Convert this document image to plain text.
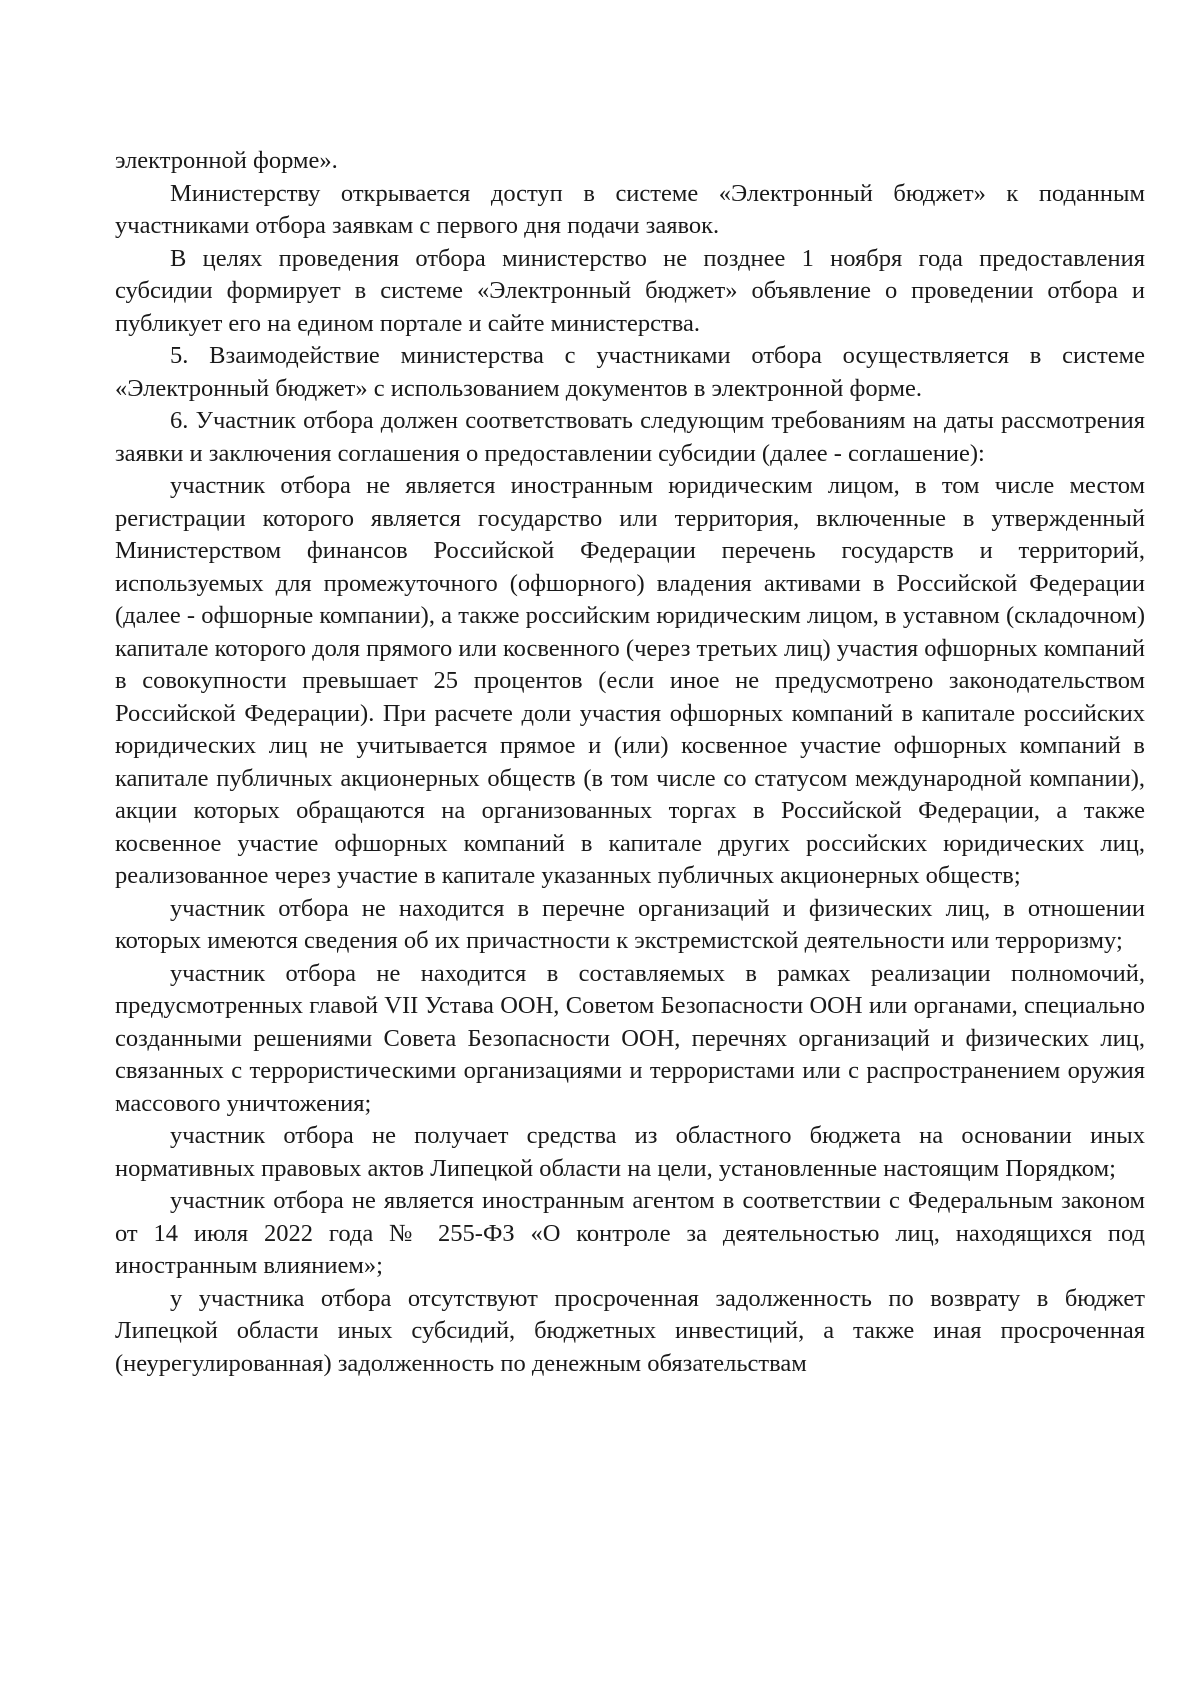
электронной форме».

Министерству открывается доступ в системе «Электронный бюджет» к поданным участниками отбора заявкам с первого дня подачи заявок.

В целях проведения отбора министерство не позднее 1 ноября года предоставления субсидии формирует в системе «Электронный бюджет» объявление о проведении отбора и публикует его на едином портале и сайте министерства.

5. Взаимодействие министерства с участниками отбора осуществляется в системе «Электронный бюджет» с использованием документов в электронной форме.

6. Участник отбора должен соответствовать следующим требованиям на даты рассмотрения заявки и заключения соглашения о предоставлении субсидии (далее - соглашение):

участник отбора не является иностранным юридическим лицом, в том числе местом регистрации которого является государство или территория, включенные в утвержденный Министерством финансов Российской Федерации перечень государств и территорий, используемых для промежуточного (офшорного) владения активами в Российской Федерации (далее - офшорные компании), а также российским юридическим лицом, в уставном (складочном) капитале которого доля прямого или косвенного (через третьих лиц) участия офшорных компаний в совокупности превышает 25 процентов (если иное не предусмотрено законодательством Российской Федерации). При расчете доли участия офшорных компаний в капитале российских юридических лиц не учитывается прямое и (или) косвенное участие офшорных компаний в капитале публичных акционерных обществ (в том числе со статусом международной компании), акции которых обращаются на организованных торгах в Российской Федерации, а также косвенное участие офшорных компаний в капитале других российских юридических лиц, реализованное через участие в капитале указанных публичных акционерных обществ;

участник отбора не находится в перечне организаций и физических лиц, в отношении которых имеются сведения об их причастности к экстремистской деятельности или терроризму;

участник отбора не находится в составляемых в рамках реализации полномочий, предусмотренных главой VII Устава ООН, Советом Безопасности ООН или органами, специально созданными решениями Совета Безопасности ООН, перечнях организаций и физических лиц, связанных с террористическими организациями и террористами или с распространением оружия массового уничтожения;

участник отбора не получает средства из областного бюджета на основании иных нормативных правовых актов Липецкой области на цели, установленные настоящим Порядком;

участник отбора не является иностранным агентом в соответствии с Федеральным законом от 14 июля 2022 года № 255-ФЗ «О контроле за деятельностью лиц, находящихся под иностранным влиянием»;

у участника отбора отсутствуют просроченная задолженность по возврату в бюджет Липецкой области иных субсидий, бюджетных инвестиций, а также иная просроченная (неурегулированная) задолженность по денежным обязательствам
